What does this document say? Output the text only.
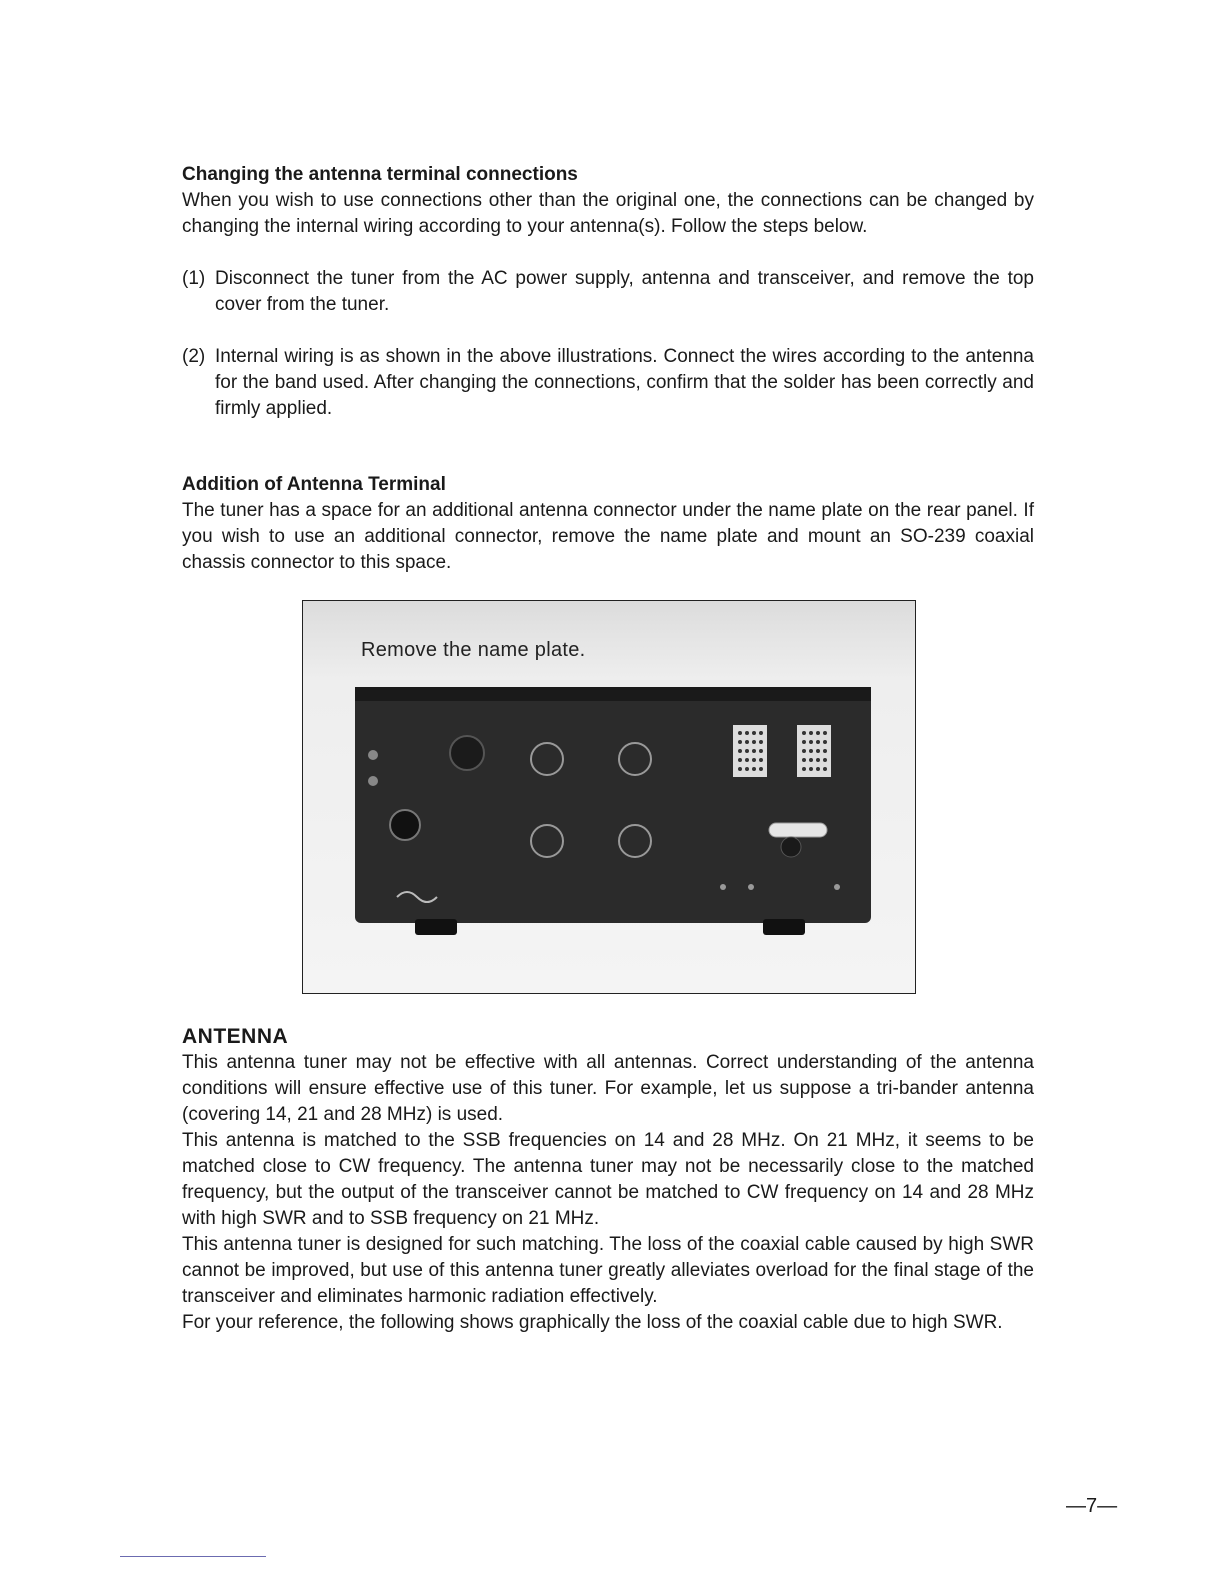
Changing the antenna terminal connections

When you wish to use connections other than the original one, the connections can be changed by changing the internal wiring according to your antenna(s). Follow the steps below.

(1) Disconnect the tuner from the AC power supply, antenna and transceiver, and remove the top cover from the tuner.
(2) Internal wiring is as shown in the above illustrations. Connect the wires according to the antenna for the band used. After changing the connections, confirm that the solder has been correctly and firmly applied.
Addition of Antenna Terminal

The tuner has a space for an additional antenna connector under the name plate on the rear panel. If you wish to use an additional connector, remove the name plate and mount an SO-239 coaxial chassis connector to this space.

Remove the name plate.
ANTENNA

This antenna tuner may not be effective with all antennas. Correct understanding of the antenna conditions will ensure effective use of this tuner. For example, let us suppose a tri-bander antenna (covering 14, 21 and 28 MHz) is used.

This antenna is matched to the SSB frequencies on 14 and 28 MHz. On 21 MHz, it seems to be matched close to CW frequency. The antenna tuner may not be necessarily close to the matched frequency, but the output of the transceiver cannot be matched to CW frequency on 14 and 28 MHz with high SWR and to SSB frequency on 21 MHz.

This antenna tuner is designed for such matching. The loss of the coaxial cable caused by high SWR cannot be improved, but use of this antenna tuner greatly alleviates overload for the final stage of the transceiver and eliminates harmonic radiation effectively.

For your reference, the following shows graphically the loss of the coaxial cable due to high SWR.

—7—
